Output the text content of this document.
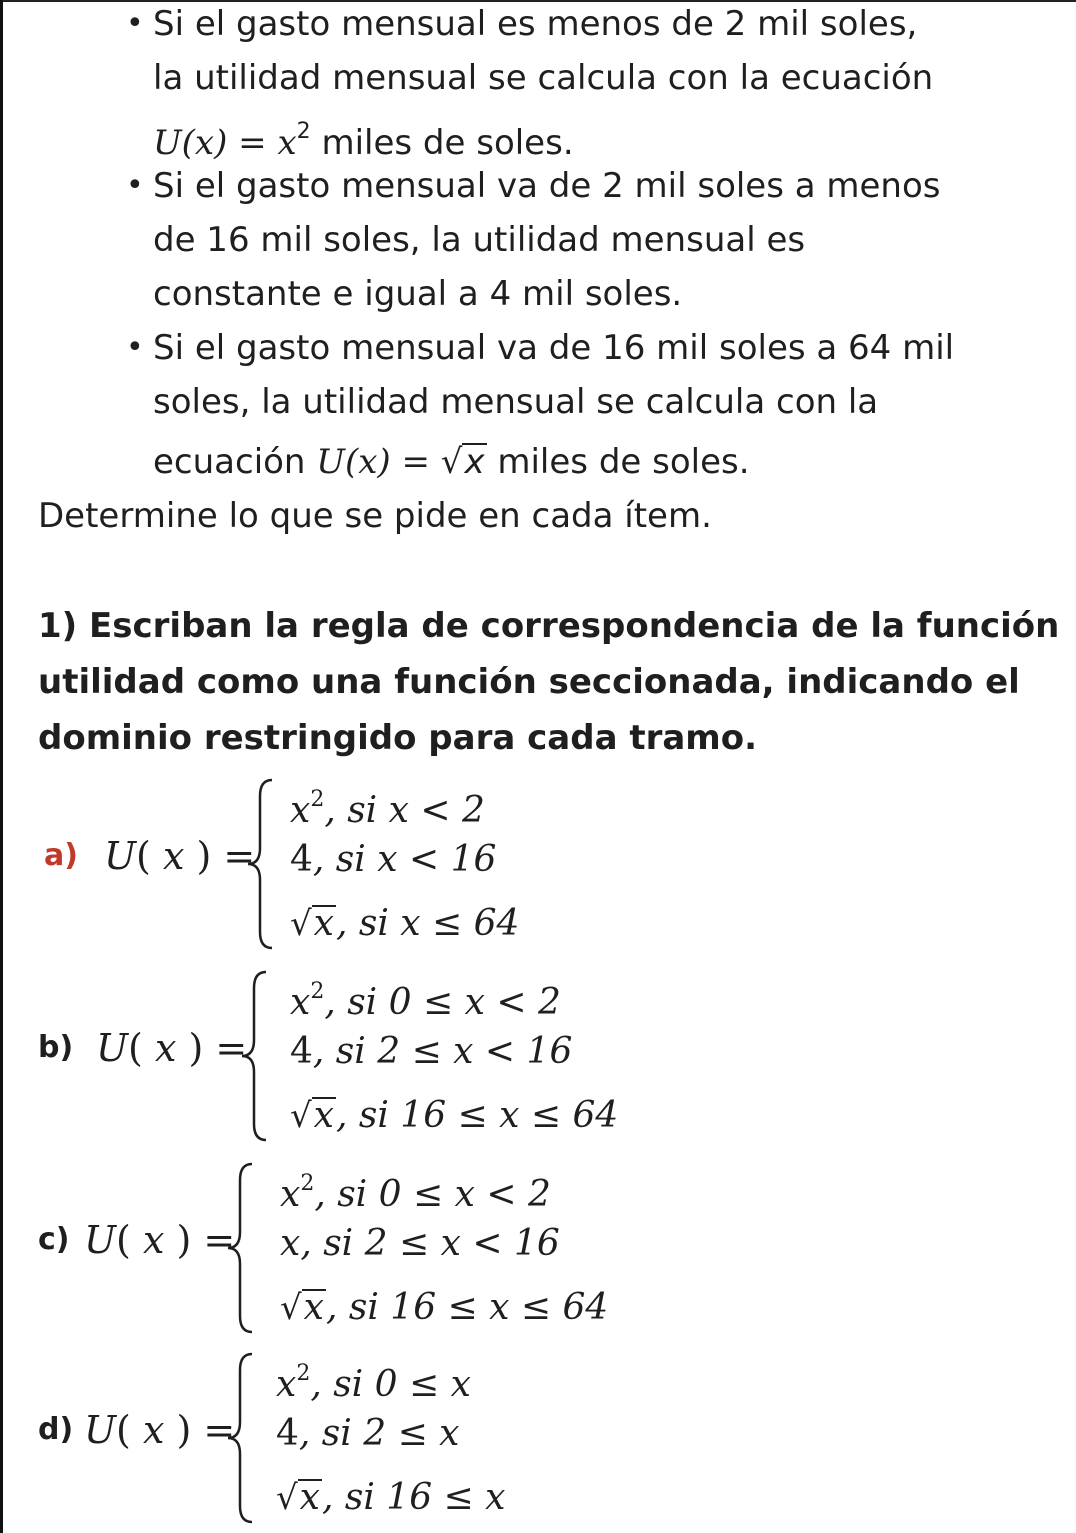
• Si el gasto mensual es menos de 2 mil soles,
la utilidad mensual se calcula con la ecuación
$U(x) = x^2$ miles de soles.
• Si el gasto mensual va de 2 mil soles a menos
de 16 mil soles, la utilidad mensual es
constante e igual a 4 mil soles.
• Si el gasto mensual va de 16 mil soles a 64 mil
soles, la utilidad mensual se calcula con la
ecuación U(x) = √x miles de soles.
Determine lo que se pide en cada ítem.
1) Escriban la regla de correspondencia de la función
utilidad como una función seccionada, indicando el
dominio restringido para cada tramo.
a) U( x ) =
$x^2$, si x < 2
4, si x < 16
√x, si x ≤ 64
b) U( x ) =
$x^2$, si 0 ≤ x < 2
4, si 2 ≤ x < 16
√x, si 16 ≤ x ≤ 64
c) U( x ) =
$x^2$, si 0 ≤ x < 2
x, si 2 ≤ x < 16
√x, si 16 ≤ x ≤ 64
d) U( x ) =
$x^2$, si 0 ≤ x
4, si 2 ≤ x
√x, si 16 ≤ x
